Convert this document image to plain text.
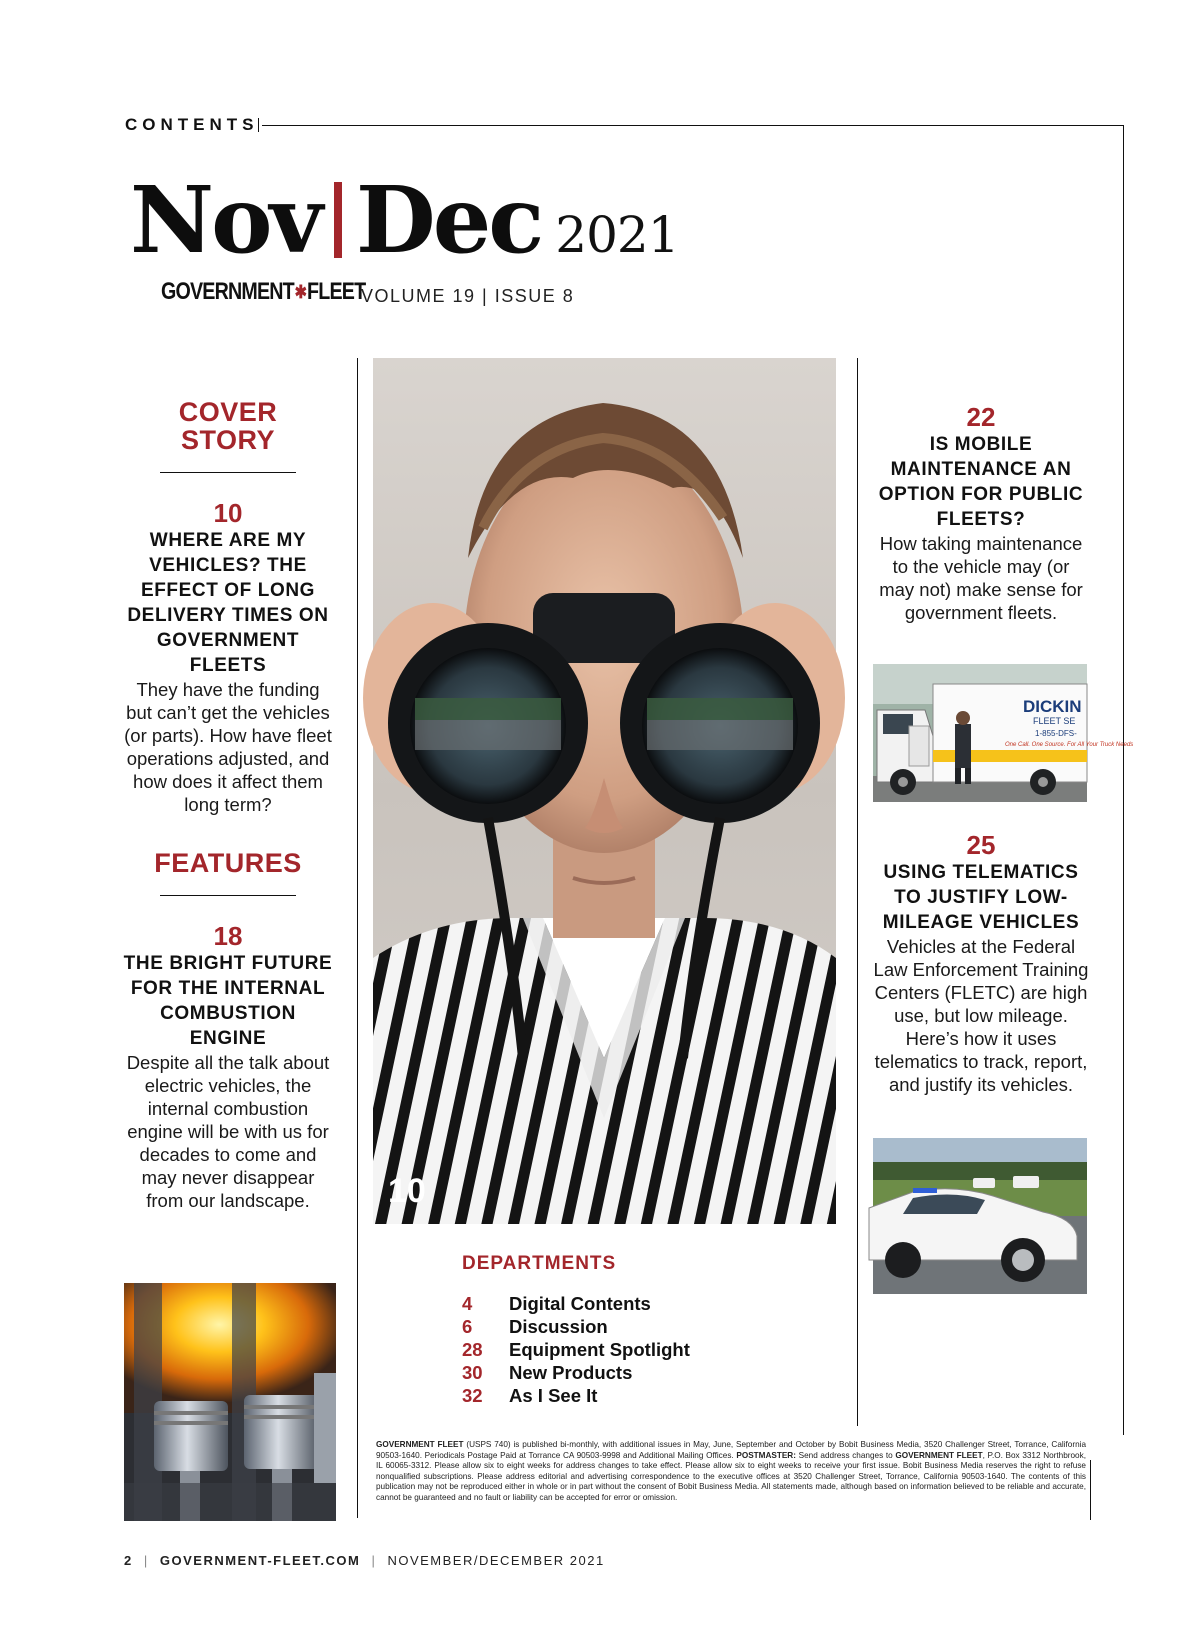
CONTENTS
Nov Dec 2021
GOVERNMENT ✱ FLEET
VOLUME 19 | ISSUE 8
COVER
STORY
10
WHERE ARE MY VEHICLES? THE EFFECT OF LONG DELIVERY TIMES ON GOVERNMENT FLEETS
They have the funding but can’t get the vehicles (or parts). How have fleet operations adjusted, and how does it affect them long term?
FEATURES
18
THE BRIGHT FUTURE FOR THE INTERNAL COMBUSTION ENGINE
Despite all the talk about electric vehicles, the internal combustion engine will be with us for decades to come and may never disappear from our landscape.	10
DEPARTMENTS
4	Digital Contents
6	Discussion
28	Equipment Spotlight
30	New Products
32	As I See It
22
IS MOBILE MAINTENANCE AN OPTION FOR PUBLIC FLEETS?
How taking maintenance to the vehicle may (or may not) make sense for government fleets.
DICKIN
FLEET SE
1-855-DFS-
One Call. One Source. For All Your Truck Needs
25
USING TELEMATICS TO JUSTIFY LOW-MILEAGE VEHICLES
Vehicles at the Federal Law Enforcement Training Centers (FLETC) are high use, but low mileage. Here’s how it uses telematics to track, report, and justify its vehicles.
GOVERNMENT FLEET (USPS 740) is published bi-monthly, with additional issues in May, June, September and October by Bobit Business Media, 3520 Challenger Street, Torrance, California 90503-1640. Periodicals Postage Paid at Torrance CA 90503-9998 and Additional Mailing Offices. POSTMASTER: Send address changes to GOVERNMENT FLEET, P.O. Box 3312 Northbrook, IL 60065-3312. Please allow six to eight weeks for address changes to take effect. Please allow six to eight weeks to receive your first issue. Bobit Business Media reserves the right to refuse nonqualified subscriptions. Please address editorial and advertising correspondence to the executive offices at 3520 Challenger Street, Torrance, California 90503-1640. The contents of this publication may not be reproduced either in whole or in part without the consent of Bobit Business Media. All statements made, although based on information believed to be reliable and accurate, cannot be guaranteed and no fault or liability can be accepted for error or omission.
2 | GOVERNMENT-FLEET.COM | NOVEMBER/DECEMBER 2021
